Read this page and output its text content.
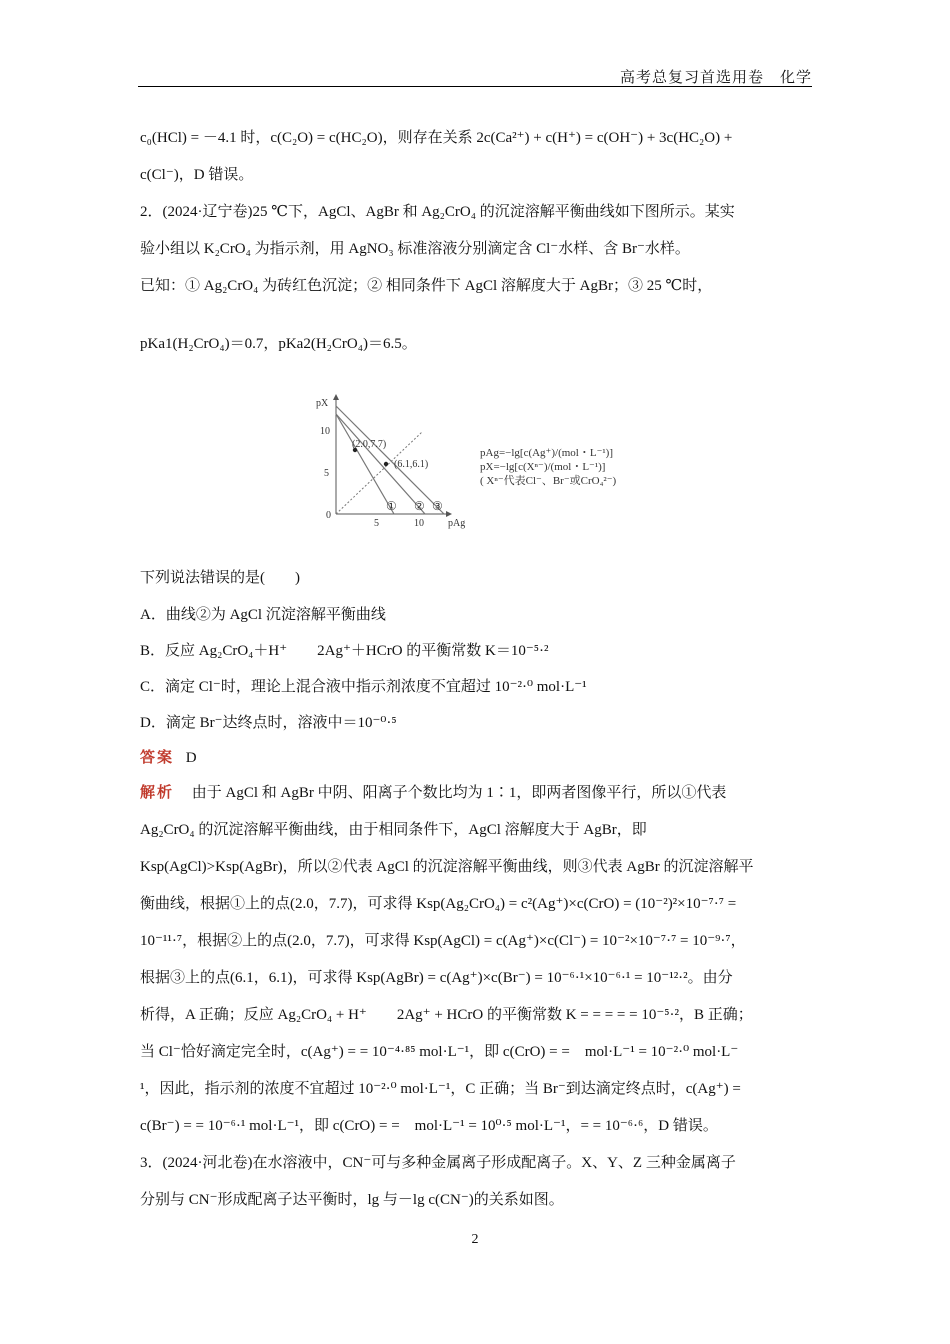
高考总复习首选用卷　化学
c₀(HCl) = －4.1 时，c(C₂O) = c(HC₂O)，则存在关系 2c(Ca²⁺) + c(H⁺) = c(OH⁻) + 3c(HC₂O) +
c(Cl⁻)，D 错误。
2．(2024·辽宁卷)25 ℃下，AgCl、AgBr 和 Ag₂CrO₄ 的沉淀溶解平衡曲线如下图所示。某实
验小组以 K₂CrO₄ 为指示剂，用 AgNO₃ 标准溶液分别滴定含 Cl⁻水样、含 Br⁻水样。
已知：① Ag₂CrO₄ 为砖红色沉淀；② 相同条件下 AgCl 溶解度大于 AgBr；③ 25 ℃时，
pKa1(H₂CrO₄)＝0.7，pKa2(H₂CrO₄)＝6.5。
pX
pAg
0
10
5
5	10
(2.0,7.7)
(6.1,6.1)
① ② ③
pAg=−lg[c(Ag⁺)/(mol・L⁻¹)]
pX=−lg[c(Xⁿ⁻)/(mol・L⁻¹)]
( Xⁿ⁻代表Cl⁻、Br⁻或CrO₄²⁻)
下列说法错误的是(　　)
A．曲线②为 AgCl 沉淀溶解平衡曲线
B．反应 Ag₂CrO₄＋H⁺　　2Ag⁺＋HCrO 的平衡常数 K＝10⁻⁵·²
C．滴定 Cl⁻时，理论上混合液中指示剂浓度不宜超过 10⁻²·⁰ mol·L⁻¹
D．滴定 Br⁻达终点时，溶液中＝10⁻⁰·⁵
答案 D
解析 由于 AgCl 和 AgBr 中阴、阳离子个数比均为 1∶1，即两者图像平行，所以①代表
Ag₂CrO₄ 的沉淀溶解平衡曲线，由于相同条件下，AgCl 溶解度大于 AgBr，即
Ksp(AgCl)>Ksp(AgBr)，所以②代表 AgCl 的沉淀溶解平衡曲线，则③代表 AgBr 的沉淀溶解平
衡曲线，根据①上的点(2.0，7.7)，可求得 Ksp(Ag₂CrO₄) = c²(Ag⁺)×c(CrO) = (10⁻²)²×10⁻⁷·⁷ =
10⁻¹¹·⁷，根据②上的点(2.0，7.7)，可求得 Ksp(AgCl) = c(Ag⁺)×c(Cl⁻) = 10⁻²×10⁻⁷·⁷ = 10⁻⁹·⁷，
根据③上的点(6.1，6.1)，可求得 Ksp(AgBr) = c(Ag⁺)×c(Br⁻) = 10⁻⁶·¹×10⁻⁶·¹ = 10⁻¹²·²。由分
析得，A 正确；反应 Ag₂CrO₄ + H⁺　　2Ag⁺ + HCrO 的平衡常数 K = = = = = 10⁻⁵·²，B 正确；
当 Cl⁻恰好滴定完全时，c(Ag⁺) = = 10⁻⁴·⁸⁵ mol·L⁻¹，即 c(CrO) = =　mol·L⁻¹ = 10⁻²·⁰ mol·L⁻
¹，因此，指示剂的浓度不宜超过 10⁻²·⁰ mol·L⁻¹，C 正确；当 Br⁻到达滴定终点时，c(Ag⁺) =
c(Br⁻) = = 10⁻⁶·¹ mol·L⁻¹，即 c(CrO) = =　mol·L⁻¹ = 10⁰·⁵ mol·L⁻¹，= = 10⁻⁶·⁶，D 错误。
3．(2024·河北卷)在水溶液中，CN⁻可与多种金属离子形成配离子。X、Y、Z 三种金属离子
分别与 CN⁻形成配离子达平衡时，lg 与－lg c(CN⁻)的关系如图。
2
